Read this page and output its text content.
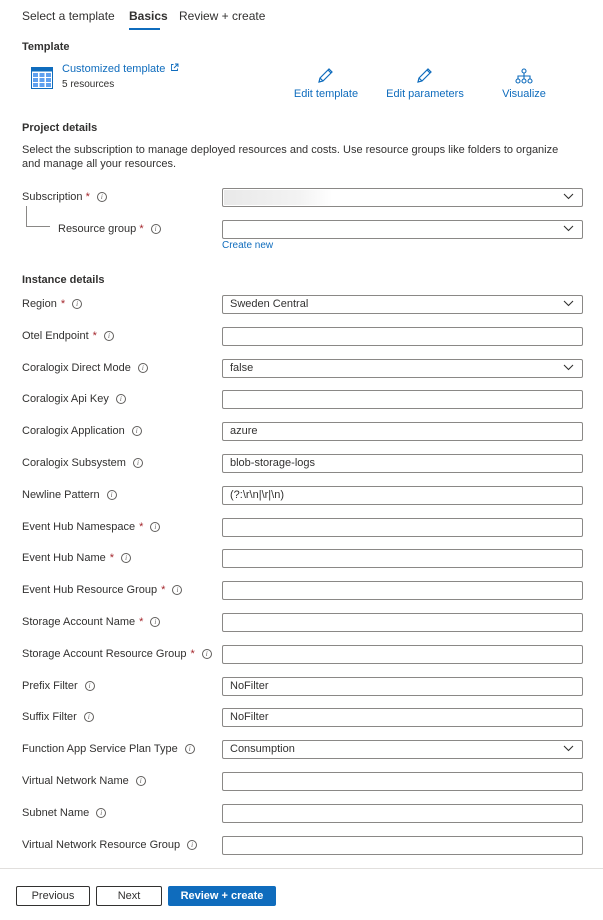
Select a template Basics Review + create
Template
Customized template
5 resources
Edit template	Edit parameters	Visualize
Project details
Select the subscription to manage deployed resources and costs. Use resource groups like folders to organize and manage all your resources.
Subscription * i
Resource group * i
Create new
Instance details
Region * i	Sweden Central
Otel Endpoint * i
Coralogix Direct Mode i	false
Coralogix Api Key i
Coralogix Application i	azure
Coralogix Subsystem i	blob-storage-logs
Newline Pattern i	(?:\r\n|\r|\n)
Event Hub Namespace * i
Event Hub Name * i
Event Hub Resource Group * i
Storage Account Name * i
Storage Account Resource Group * i
Prefix Filter i	NoFilter
Suffix Filter i	NoFilter
Function App Service Plan Type i	Consumption
Virtual Network Name i
Subnet Name i
Virtual Network Resource Group i
Previous	Next	Review + create
